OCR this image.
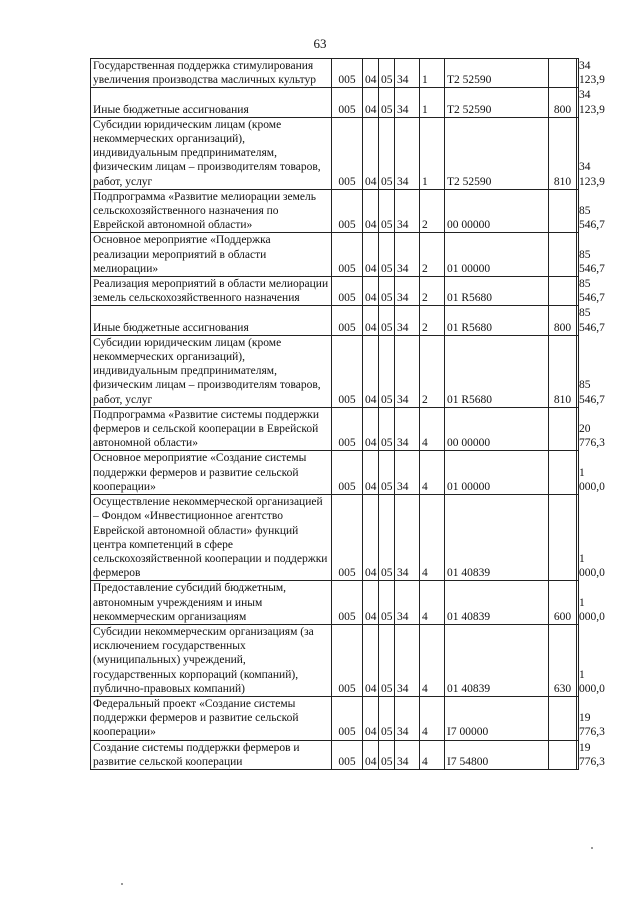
63
Государственная поддержка стимулирования увеличения производства масличных культур	005	04	05	34	1	T2 52590		34 123,9
Иные бюджетные ассигнования	005	04	05	34	1	T2 52590	800	34 123,9
Субсидии юридическим лицам (кроме некоммерческих организаций), индивидуальным предпринимателям, физическим лицам – производителям товаров, работ, услуг	005	04	05	34	1	T2 52590	810	34 123,9
Подпрограмма «Развитие мелиорации земель сельскохозяйственного назначения по Еврейской автономной области»	005	04	05	34	2	00 00000		85 546,7
Основное мероприятие «Поддержка реализации мероприятий в области мелиорации»	005	04	05	34	2	01 00000		85 546,7
Реализация мероприятий в области мелиорации земель сельскохозяйственного назначения	005	04	05	34	2	01 R5680		85 546,7
Иные бюджетные ассигнования	005	04	05	34	2	01 R5680	800	85 546,7
Субсидии юридическим лицам (кроме некоммерческих организаций), индивидуальным предпринимателям, физическим лицам – производителям товаров, работ, услуг	005	04	05	34	2	01 R5680	810	85 546,7
Подпрограмма «Развитие системы поддержки фермеров и сельской кооперации в Еврейской автономной области»	005	04	05	34	4	00 00000		20 776,3
Основное мероприятие «Создание системы поддержки фермеров и развитие сельской кооперации»	005	04	05	34	4	01 00000		1 000,0
Осуществление некоммерческой организацией – Фондом «Инвестиционное агентство Еврейской автономной области» функций центра компетенций в сфере сельскохозяйственной кооперации и поддержки фермеров	005	04	05	34	4	01 40839		1 000,0
Предоставление субсидий бюджетным, автономным учреждениям и иным некоммерческим организациям	005	04	05	34	4	01 40839	600	1 000,0
Субсидии некоммерческим организациям (за исключением государственных (муниципальных) учреждений, государственных корпораций (компаний), публично-правовых компаний)	005	04	05	34	4	01 40839	630	1 000,0
Федеральный проект «Создание системы поддержки фермеров и развитие сельской кооперации»	005	04	05	34	4	I7 00000		19 776,3
Создание системы поддержки фермеров и развитие сельской кооперации	005	04	05	34	4	I7 54800		19 776,3
